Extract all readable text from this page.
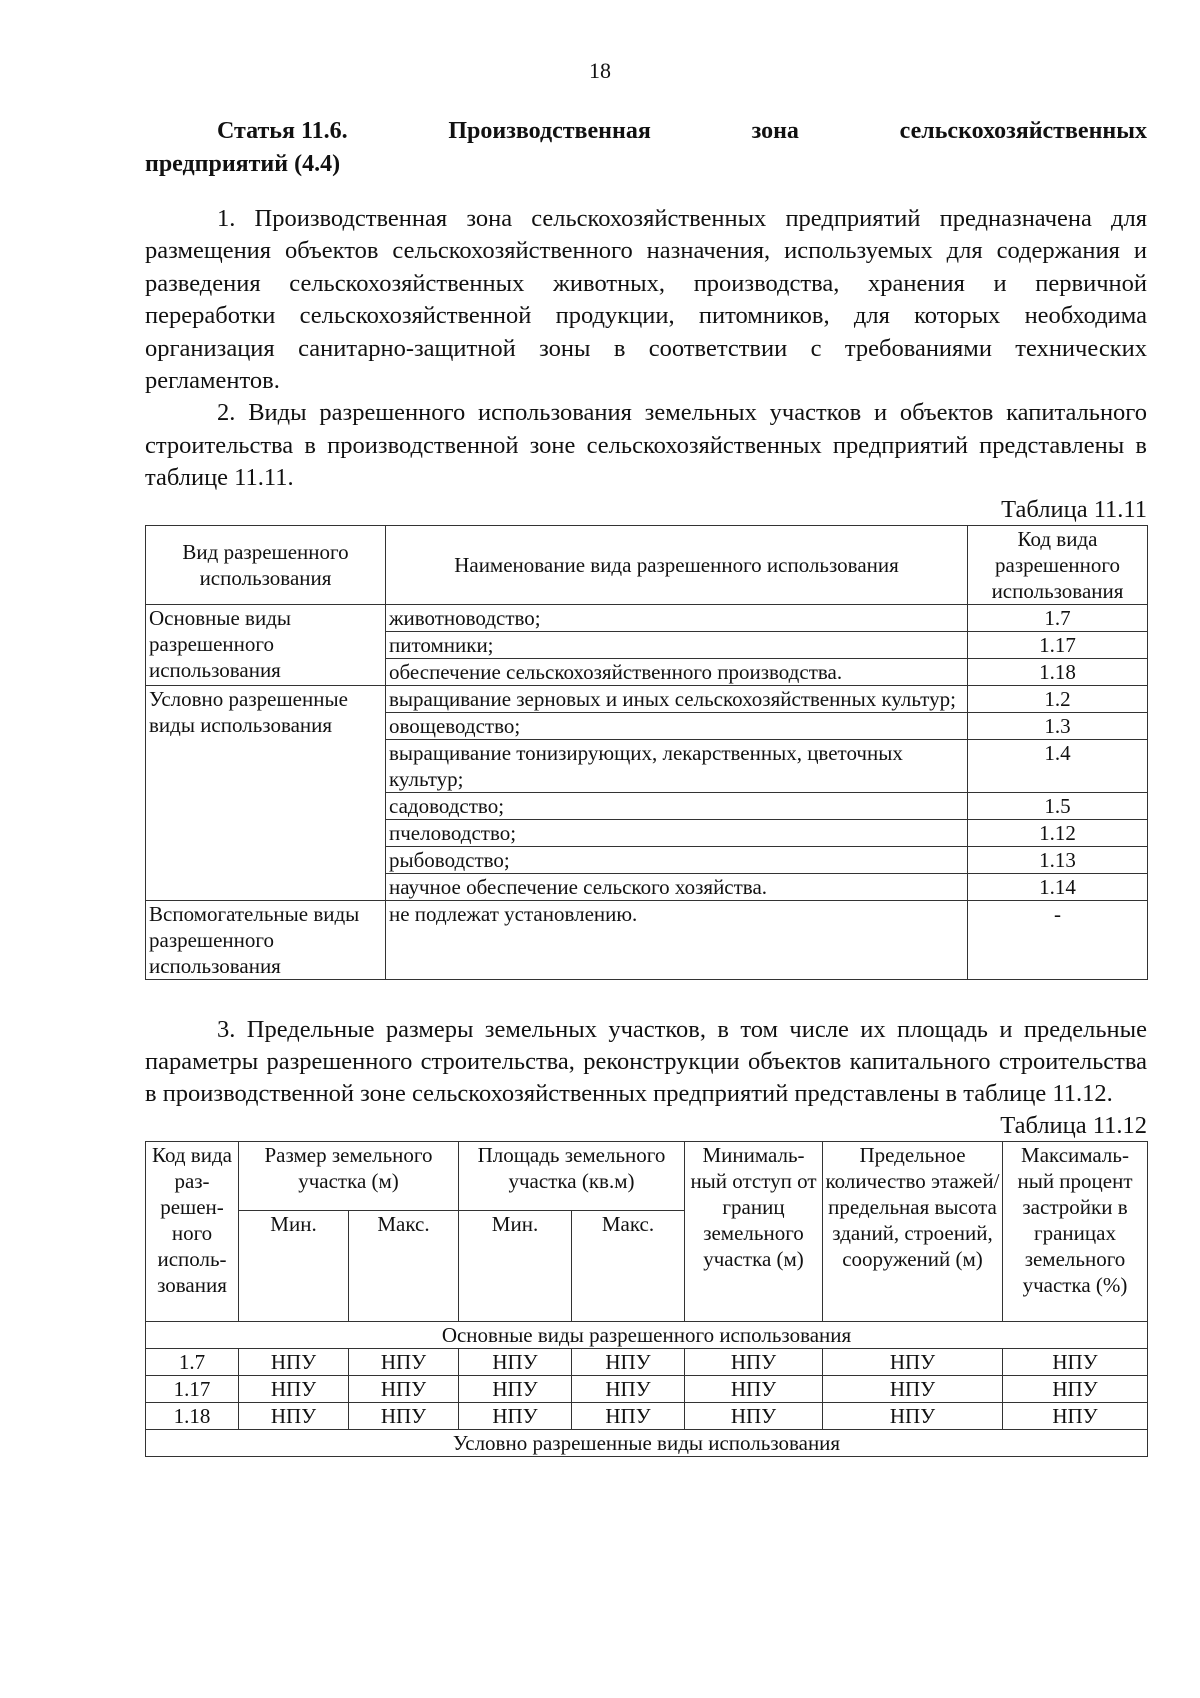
18
Статья 11.6.	Производственная	зона	сельскохозяйственных
предприятий (4.4)

1. Производственная зона сельскохозяйственных предприятий предназначена для размещения объектов сельскохозяйственного назначения, используемых для содержания и разведения сельскохозяйственных животных, производства, хранения и первичной переработки сельскохозяйственной продукции, питомников, для которых необходима организация санитарно-защитной зоны в соответствии с требованиями технических регламентов.

2. Виды разрешенного использования земельных участков и объектов капитального строительства в производственной зоне сельскохозяйственных предприятий представлены в таблице 11.11.

Таблица 11.11

Вид разрешенного использования	Наименование вида разрешенного использования	Код вида разрешенного использования
Основные виды разрешенного использования	животноводство;	1.7
	питомники;	1.17
	обеспечение сельскохозяйственного производства.	1.18
Условно разрешенные виды использования	выращивание зерновых и иных сельскохозяйственных культур;	1.2
	овощеводство;	1.3
	выращивание тонизирующих, лекарственных, цветочных культур;	1.4
	садоводство;	1.5
	пчеловодство;	1.12
	рыбоводство;	1.13
	научное обеспечение сельского хозяйства.	1.14
Вспомогательные виды разрешенного использования	не подлежат установлению.	-

3. Предельные размеры земельных участков, в том числе их площадь и предельные параметры разрешенного строительства, реконструкции объектов капитального строительства в производственной зоне сельскохозяйственных предприятий представлены в таблице 11.12.

Таблица 11.12

Код вида раз-решен-ного исполь-зования	Размер земельного участка (м)		Площадь земельного участка (кв.м)		Минималь-ный отступ от границ земельного участка (м)	Предельное количество этажей/ предельная высота зданий, строений, сооружений (м)	Максималь-ный процент застройки в границах земельного участка (%)
	Мин.	Макс.	Мин.	Макс.			
Основные виды разрешенного использования							
1.7	НПУ	НПУ	НПУ	НПУ	НПУ	НПУ	НПУ
1.17	НПУ	НПУ	НПУ	НПУ	НПУ	НПУ	НПУ
1.18	НПУ	НПУ	НПУ	НПУ	НПУ	НПУ	НПУ
Условно разрешенные виды использования							
